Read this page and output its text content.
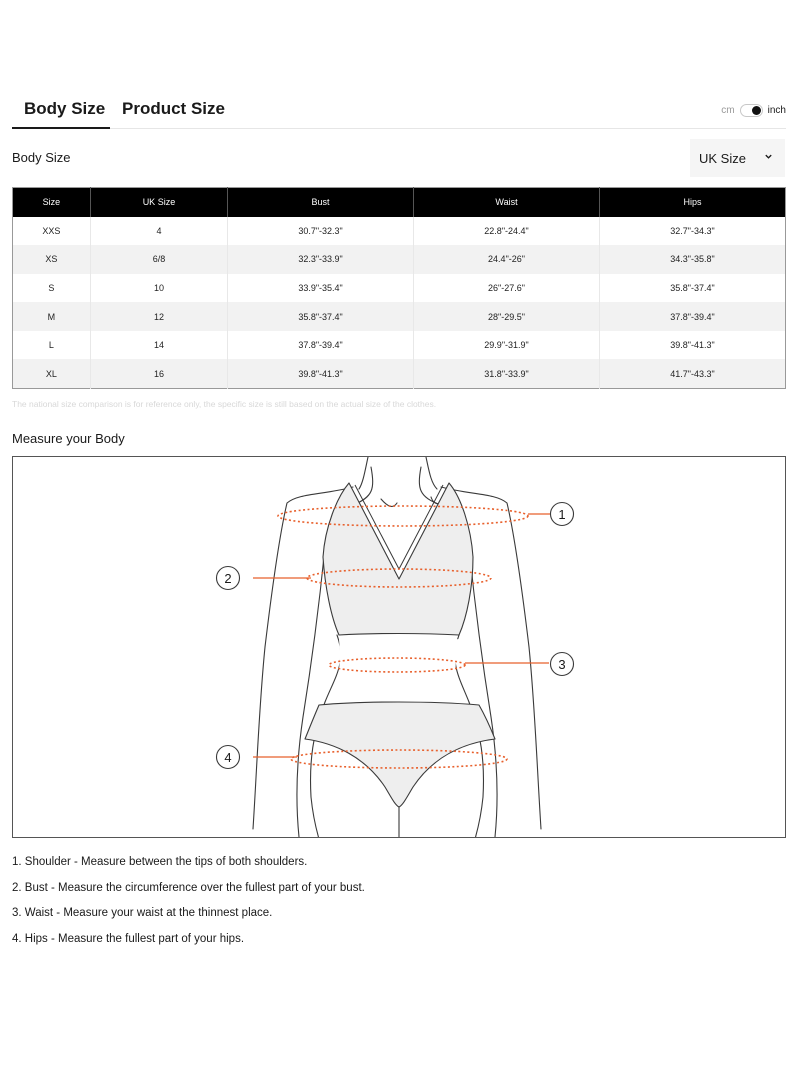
Body Size Product Size	cm	inch
Body Size	UK Size
Size	UK Size	Bust	Waist	Hips
XXS	4	30.7"-32.3"	22.8"-24.4"	32.7"-34.3"
XS	6/8	32.3"-33.9"	24.4"-26"	34.3"-35.8"
S	10	33.9"-35.4"	26"-27.6"	35.8"-37.4"
M	12	35.8"-37.4"	28"-29.5"	37.8"-39.4"
L	14	37.8"-39.4"	29.9"-31.9"	39.8"-41.3"
XL	16	39.8"-41.3"	31.8"-33.9"	41.7"-43.3"
The national size comparison is for reference only, the specific size is still based on the actual size of the clothes.
Measure your Body
1
2
3
4
1. Shoulder - Measure between the tips of both shoulders.
2. Bust - Measure the circumference over the fullest part of your bust.
3. Waist - Measure your waist at the thinnest place.
4. Hips - Measure the fullest part of your hips.
